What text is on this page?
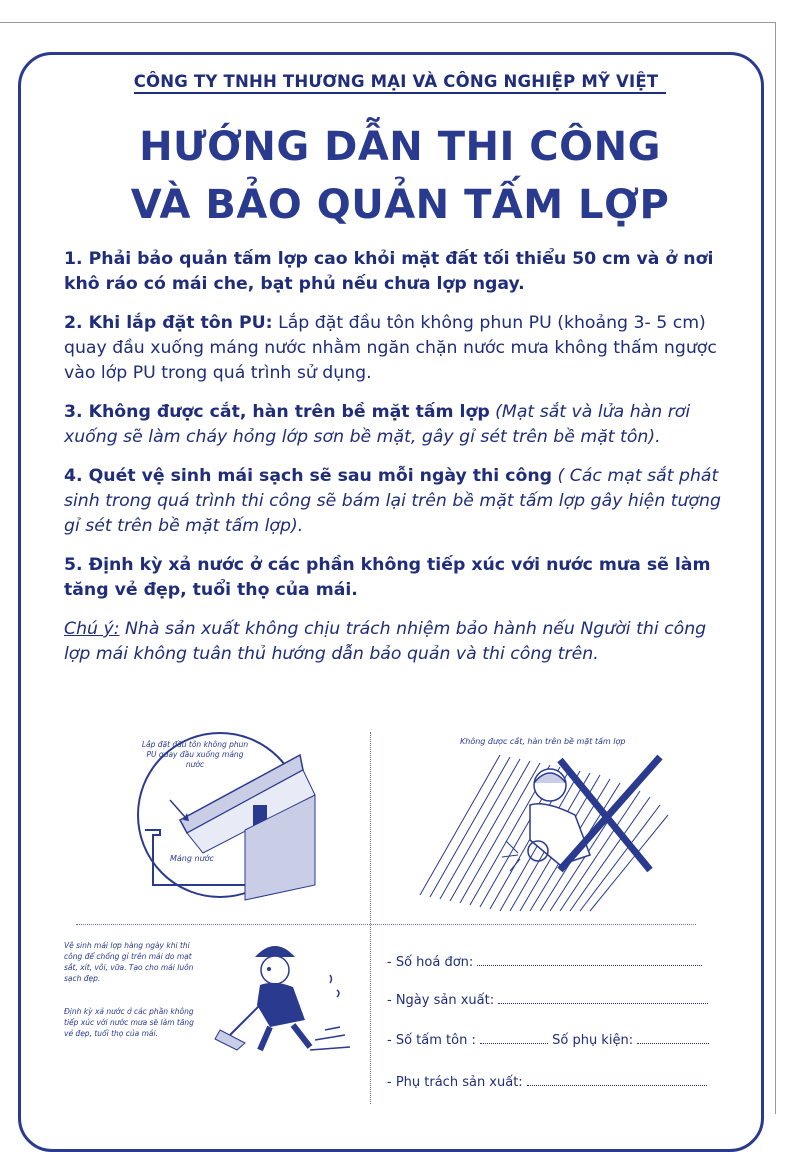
CÔNG TY TNHH THƯƠNG MẠI VÀ CÔNG NGHIỆP MỸ VIỆT
HƯỚNG DẪN THI CÔNG
VÀ BẢO QUẢN TẤM LỢP
1. Phải bảo quản tấm lợp cao khỏi mặt đất tối thiểu 50 cm và ở nơi khô ráo có mái che, bạt phủ nếu chưa lợp ngay.
2. Khi lắp đặt tôn PU: Lắp đặt đầu tôn không phun PU (khoảng 3- 5 cm) quay đầu xuống máng nước nhằm ngăn chặn nước mưa không thấm ngược vào lớp PU trong quá trình sử dụng.
3. Không được cắt, hàn trên bề mặt tấm lợp (Mạt sắt và lửa hàn rơi xuống sẽ làm cháy hỏng lớp sơn bề mặt, gây gỉ sét trên bề mặt tôn).
4. Quét vệ sinh mái sạch sẽ sau mỗi ngày thi công ( Các mạt sắt phát sinh trong quá trình thi công sẽ bám lại trên bề mặt tấm lợp gây hiện tượng gỉ sét trên bề mặt tấm lợp).
5. Định kỳ xả nước ở các phần không tiếp xúc với nước mưa sẽ làm tăng vẻ đẹp, tuổi thọ của mái.
Chú ý: Nhà sản xuất không chịu trách nhiệm bảo hành nếu Người thi công lợp mái không tuân thủ hướng dẫn bảo quản và thi công trên.
Lắp đặt đầu tôn không phun PU quay đầu xuống máng nước
Máng nước
Không được cắt, hàn trên bề mặt tấm lợp
Vệ sinh mái lợp hàng ngày khi thi công để chống gỉ trên mái do mạt sắt, xít, vôi, vữa. Tạo cho mái luôn sạch đẹp.
Định kỳ xả nước ở các phần không tiếp xúc với nước mưa sẽ làm tăng vẻ đẹp, tuổi thọ của mái.
- Số hoá đơn:
- Ngày sản xuất:
- Số tấm tôn :	Số phụ kiện:
- Phụ trách sản xuất:
